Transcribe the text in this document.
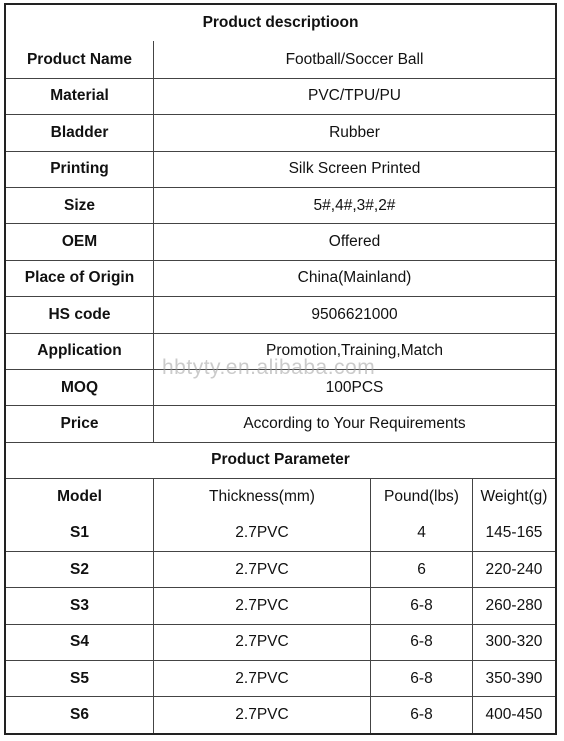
Product descriptioon
Product Name	Football/Soccer Ball
Material	PVC/TPU/PU
Bladder	Rubber
Printing	Silk Screen Printed
Size	5#,4#,3#,2#
OEM	Offered
Place of Origin	China(Mainland)
HS code	9506621000
Application	Promotion,Training,Match
MOQ	100PCS
Price	According to Your Requirements
Product Parameter
Model	Thickness(mm)	Pound(lbs)	Weight(g)
S1	2.7PVC	4	145-165
S2	2.7PVC	6	220-240
S3	2.7PVC	6-8	260-280
S4	2.7PVC	6-8	300-320
S5	2.7PVC	6-8	350-390
S6	2.7PVC	6-8	400-450
hbtyty.en.alibaba.com
